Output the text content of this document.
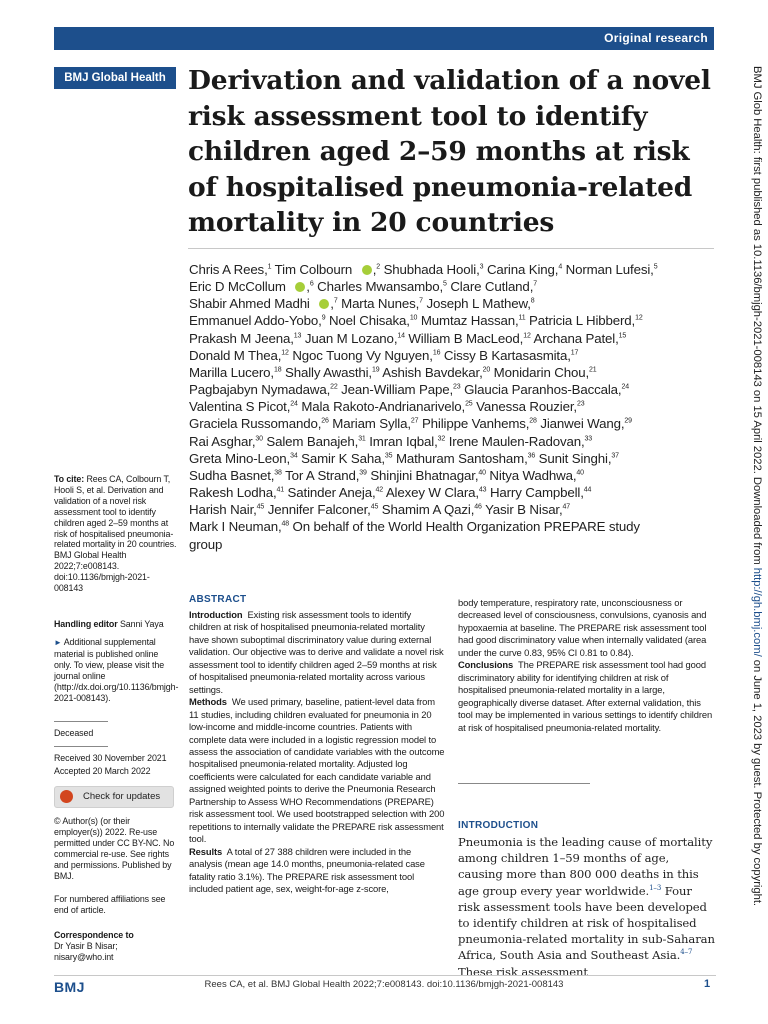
Original research
BMJ Global Health Derivation and validation of a novel risk assessment tool to identify children aged 2–59 months at risk of hospitalised pneumonia-related mortality in 20 countries
Chris A Rees,$^1$ Tim Colbourn ,$^2$ Shubhada Hooli,$^3$ Carina King,$^4$ Norman Lufesi,$^5$
Eric D McCollum ,$^6$ Charles Mwansambo,$^5$ Clare Cutland,$^7$
Shabir Ahmed Madhi ,$^7$ Marta Nunes,$^7$ Joseph L Mathew,$^8$
Emmanuel Addo-Yobo,$^9$ Noel Chisaka,$^{10}$ Mumtaz Hassan,$^{11}$ Patricia L Hibberd,$^{12}$
Prakash M Jeena,$^{13}$ Juan M Lozano,$^{14}$ William B MacLeod,$^{12}$ Archana Patel,$^{15}$
Donald M Thea,$^{12}$ Ngoc Tuong Vy Nguyen,$^{16}$ Cissy B Kartasasmita,$^{17}$
Marilla Lucero,$^{18}$ Shally Awasthi,$^{19}$ Ashish Bavdekar,$^{20}$ Monidarin Chou,$^{21}$
Pagbajabyn Nymadawa,$^{22}$ Jean-William Pape,$^{23}$ Glaucia Paranhos-Baccala,$^{24}$
Valentina S Picot,$^{24}$ Mala Rakoto-Andrianarivelo,$^{25}$ Vanessa Rouzier,$^{23}$
Graciela Russomando,$^{26}$ Mariam Sylla,$^{27}$ Philippe Vanhems,$^{28}$ Jianwei Wang,$^{29}$
Rai Asghar,$^{30}$ Salem Banajeh,$^{31}$ Imran Iqbal,$^{32}$ Irene Maulen-Radovan,$^{33}$
Greta Mino-Leon,$^{34}$ Samir K Saha,$^{35}$ Mathuram Santosham,$^{36}$ Sunit Singhi,$^{37}$
Sudha Basnet,$^{38}$ Tor A Strand,$^{39}$ Shinjini Bhatnagar,$^{40}$ Nitya Wadhwa,$^{40}$
Rakesh Lodha,$^{41}$ Satinder Aneja,$^{42}$ Alexey W Clara,$^{43}$ Harry Campbell,$^{44}$
Harish Nair,$^{45}$ Jennifer Falconer,$^{45}$ Shamim A Qazi,$^{46}$ Yasir B Nisar,$^{47}$
Mark I Neuman,$^{48}$ On behalf of the World Health Organization PREPARE study
group
To cite: Rees CA, Colbourn T, Hooli S, et al. Derivation and validation of a novel risk assessment tool to identify children aged 2–59 months at risk of hospitalised pneumonia-related mortality in 20 countries. BMJ Global Health 2022;7:e008143. doi:10.1136/bmjgh-2021-008143
Handling editor Sanni Yaya
► Additional supplemental material is published online only. To view, please visit the journal online (http://dx.doi.org/10.1136/bmjgh-2021-008143).
Deceased
Received 30 November 2021
Accepted 20 March 2022
Check for updates
© Author(s) (or their employer(s)) 2022. Re-use permitted under CC BY-NC. No commercial re-use. See rights and permissions. Published by BMJ.
For numbered affiliations see end of article.
Correspondence to
Dr Yasir B Nisar; nisary@who.int
ABSTRACT
Introduction Existing risk assessment tools to identify children at risk of hospitalised pneumonia-related mortality have shown suboptimal discriminatory value during external validation. Our objective was to derive and validate a novel risk assessment tool to identify children aged 2–59 months at risk of hospitalised pneumonia-related mortality across various settings.
Methods We used primary, baseline, patient-level data from 11 studies, including children evaluated for pneumonia in 20 low-income and middle-income countries. Patients with complete data were included in a logistic regression model to assess the association of candidate variables with the outcome hospitalised pneumonia-related mortality. Adjusted log coefficients were calculated for each candidate variable and assigned weighted points to derive the Pneumonia Research Partnership to Assess WHO Recommendations (PREPARE) risk assessment tool. We used bootstrapped selection with 200 repetitions to internally validate the PREPARE risk assessment tool.
Results A total of 27 388 children were included in the analysis (mean age 14.0 months, pneumonia-related case fatality ratio 3.1%). The PREPARE risk assessment tool included patient age, sex, weight-for-age z-score,
body temperature, respiratory rate, unconsciousness or decreased level of consciousness, convulsions, cyanosis and hypoxaemia at baseline. The PREPARE risk assessment tool had good discriminatory value when internally validated (area under the curve 0.83, 95% CI 0.81 to 0.84).
Conclusions The PREPARE risk assessment tool had good discriminatory ability for identifying children at risk of hospitalised pneumonia-related mortality in a large, geographically diverse dataset. After external validation, this tool may be implemented in various settings to identify children at risk of hospitalised pneumonia-related mortality.
INTRODUCTION
Pneumonia is the leading cause of mortality among children 1–59 months of age, causing more than 800 000 deaths in this age group every year worldwide.$^{1-3}$ Four risk assessment tools have been developed to identify children at risk of hospitalised pneumonia-related mortality in sub-Saharan Africa, South Asia and Southeast Asia.$^{4-7}$ These risk assessment
BMJ Glob Health: first published as 10.1136/bmjgh-2021-008143 on 15 April 2022. Downloaded from http://gh.bmj.com/ on June 1, 2023 by guest. Protected by copyright.
BMJ	Rees CA, et al. BMJ Global Health 2022;7:e008143. doi:10.1136/bmjgh-2021-008143	1
